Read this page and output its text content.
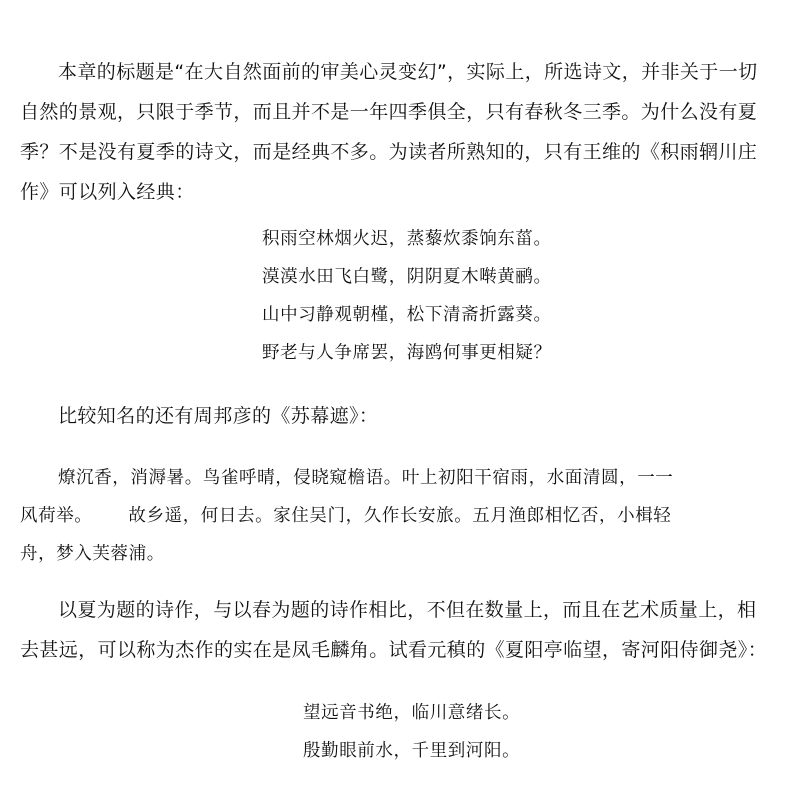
本章的标题是“在大自然面前的审美心灵变幻”，实际上，所选诗文，并非关于一切
自然的景观，只限于季节，而且并不是一年四季俱全，只有春秋冬三季。为什么没有夏
季？不是没有夏季的诗文，而是经典不多。为读者所熟知的，只有王维的《积雨辋川庄
作》可以列入经典：
积雨空林烟火迟，蒸藜炊黍饷东菑。
漠漠水田飞白鹭，阴阴夏木啭黄鹂。
山中习静观朝槿，松下清斋折露葵。
野老与人争席罢，海鸥何事更相疑？
比较知名的还有周邦彦的《苏幕遮》：
燎沉香，消溽暑。鸟雀呼晴，侵晓窥檐语。叶上初阳干宿雨，水面清圆，一一
风荷举。 故乡遥，何日去。家住吴门，久作长安旅。五月渔郎相忆否，小楫轻
舟，梦入芙蓉浦。
以夏为题的诗作，与以春为题的诗作相比，不但在数量上，而且在艺术质量上，相
去甚远，可以称为杰作的实在是凤毛麟角。试看元稹的《夏阳亭临望，寄河阳侍御尧》：
望远音书绝，临川意绪长。
殷勤眼前水，千里到河阳。
